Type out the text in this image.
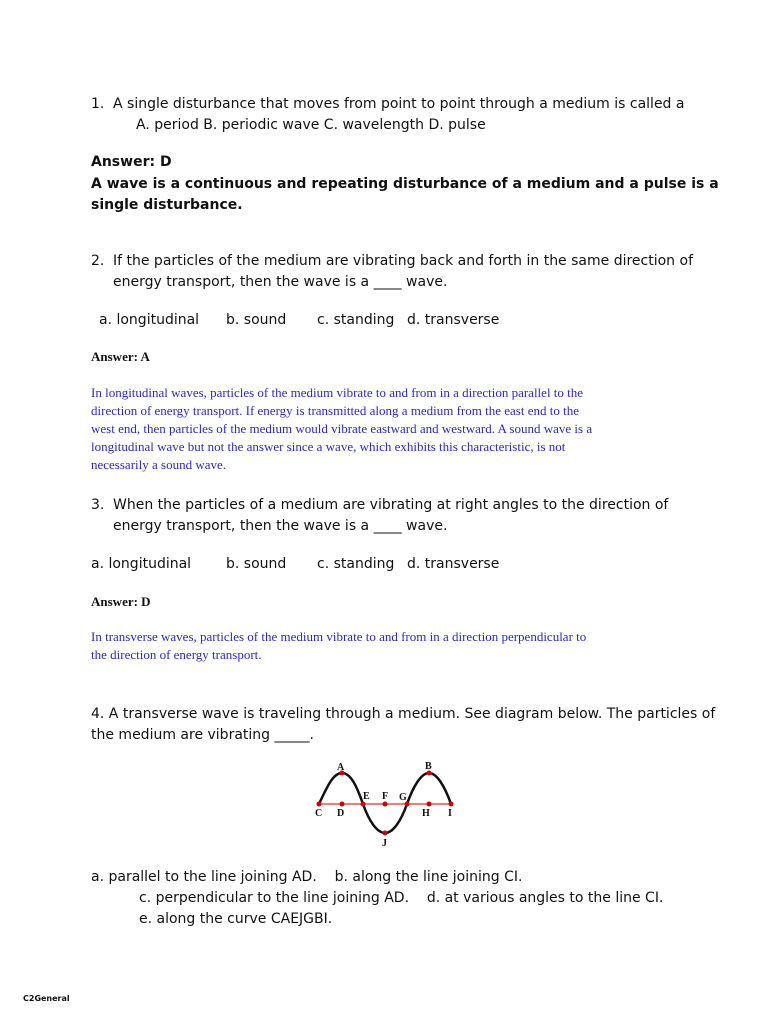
1. A single disturbance that moves from point to point through a medium is called a
A. period B. periodic wave C. wavelength D. pulse
Answer: D
A wave is a continuous and repeating disturbance of a medium and a pulse is a
single disturbance.
2. If the particles of the medium are vibrating back and forth in the same direction of
energy transport, then the wave is a ____ wave.
a. longitudinal b. sound c. standing d. transverse
Answer: A
In longitudinal waves, particles of the medium vibrate to and from in a direction parallel to the
direction of energy transport. If energy is transmitted along a medium from the east end to the
west end, then particles of the medium would vibrate eastward and westward. A sound wave is a
longitudinal wave but not the answer since a wave, which exhibits this characteristic, is not
necessarily a sound wave.
3. When the particles of a medium are vibrating at right angles to the direction of
energy transport, then the wave is a ____ wave.
a. longitudinal b. sound c. standing d. transverse
Answer: D
In transverse waves, particles of the medium vibrate to and from in a direction perpendicular to
the direction of energy transport.
4. A transverse wave is traveling through a medium. See diagram below. The particles of
the medium are vibrating _____.
A	B
C D
E F G
H I
J
a. parallel to the line joining AD.    b. along the line joining CI.
c. perpendicular to the line joining AD.    d. at various angles to the line CI.
e. along the curve CAEJGBI.
C2General
